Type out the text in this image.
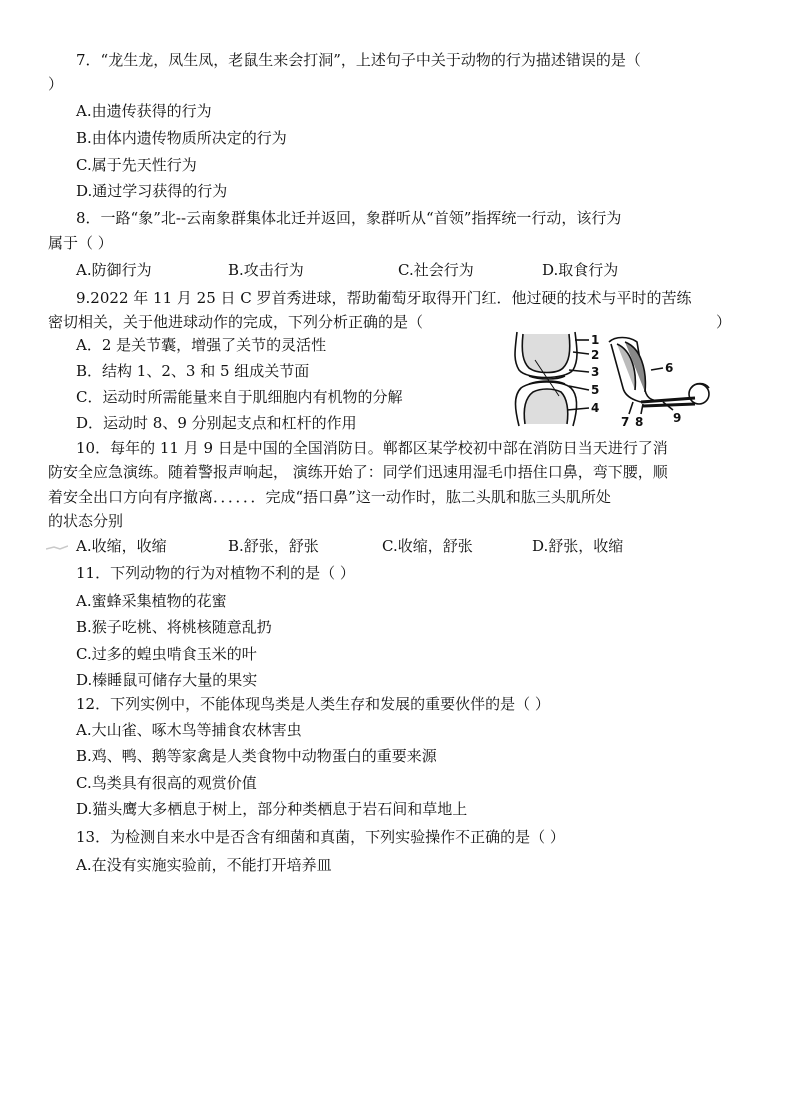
7．“龙生龙，凤生凤，老鼠生来会打洞”，上述句子中关于动物的行为描述错误的是（
）
A.由遗传获得的行为
B.由体内遗传物质所决定的行为
C.属于先天性行为
D.通过学习获得的行为
8．一路“象”北--云南象群集体北迁并返回，象群听从“首领”指挥统一行动，该行为
属于（ ）
A.防御行为	B.攻击行为	C.社会行为	D.取食行为
9.2022 年 11 月 25 日 C 罗首秀进球，帮助葡萄牙取得开门红．他过硬的技术与平时的苦练
密切相关，关于他进球动作的完成，下列分析正确的是（	）
A．2 是关节囊，增强了关节的灵活性
B．结构 1、2、3 和 5 组成关节面
C．运动时所需能量来自于肌细胞内有机物的分解
D．运动时 8、9 分别起支点和杠杆的作用
1
2
3
5
4
6
7 8 9
10．每年的 11 月 9 日是中国的全国消防日。郸都区某学校初中部在消防日当天进行了消
防安全应急演练。随着警报声响起， 演练开始了：同学们迅速用湿毛巾捂住口鼻，弯下腰，顺
着安全出口方向有序撤离．．．．．．完成“捂口鼻”这一动作时，肱二头肌和肱三头肌所处
的状态分别
A.收缩，收缩	B.舒张，舒张	C.收缩，舒张	D.舒张，收缩
11．下列动物的行为对植物不利的是（ ）
A.蜜蜂采集植物的花蜜
B.猴子吃桃、将桃核随意乱扔
C.过多的蝗虫啃食玉米的叶
D.榛睡鼠可储存大量的果实
12．下列实例中，不能体现鸟类是人类生存和发展的重要伙伴的是（ ）
A.大山雀、啄木鸟等捕食农林害虫
B.鸡、鸭、鹅等家禽是人类食物中动物蛋白的重要来源
C.鸟类具有很高的观赏价值
D.猫头鹰大多栖息于树上，部分种类栖息于岩石间和草地上
13．为检测自来水中是否含有细菌和真菌，下列实验操作不正确的是（ ）
A.在没有实施实验前，不能打开培养皿
